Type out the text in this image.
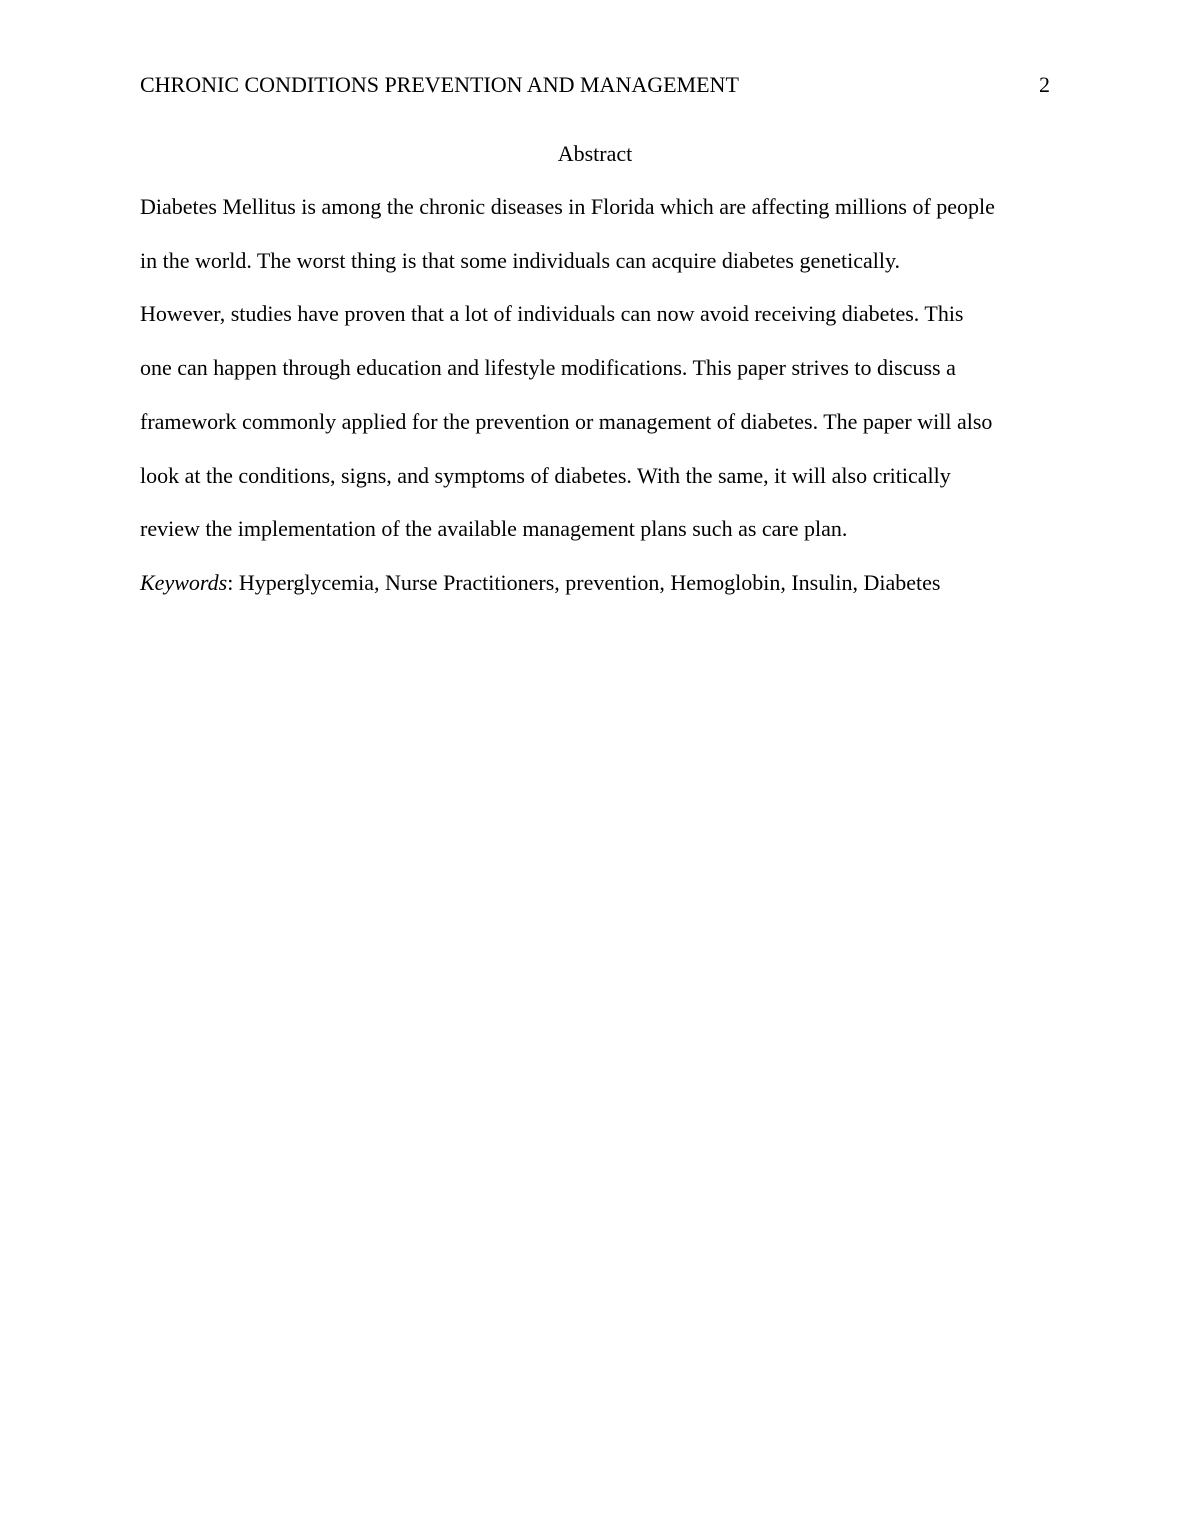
CHRONIC CONDITIONS PREVENTION AND MANAGEMENT	2
Abstract

Diabetes Mellitus is among the chronic diseases in Florida which are affecting millions of people
in the world. The worst thing is that some individuals can acquire diabetes genetically.
However, studies have proven that a lot of individuals can now avoid receiving diabetes. This
one can happen through education and lifestyle modifications. This paper strives to discuss a
framework commonly applied for the prevention or management of diabetes. The paper will also
look at the conditions, signs, and symptoms of diabetes. With the same, it will also critically
review the implementation of the available management plans such as care plan.

Keywords: Hyperglycemia, Nurse Practitioners, prevention, Hemoglobin, Insulin, Diabetes
